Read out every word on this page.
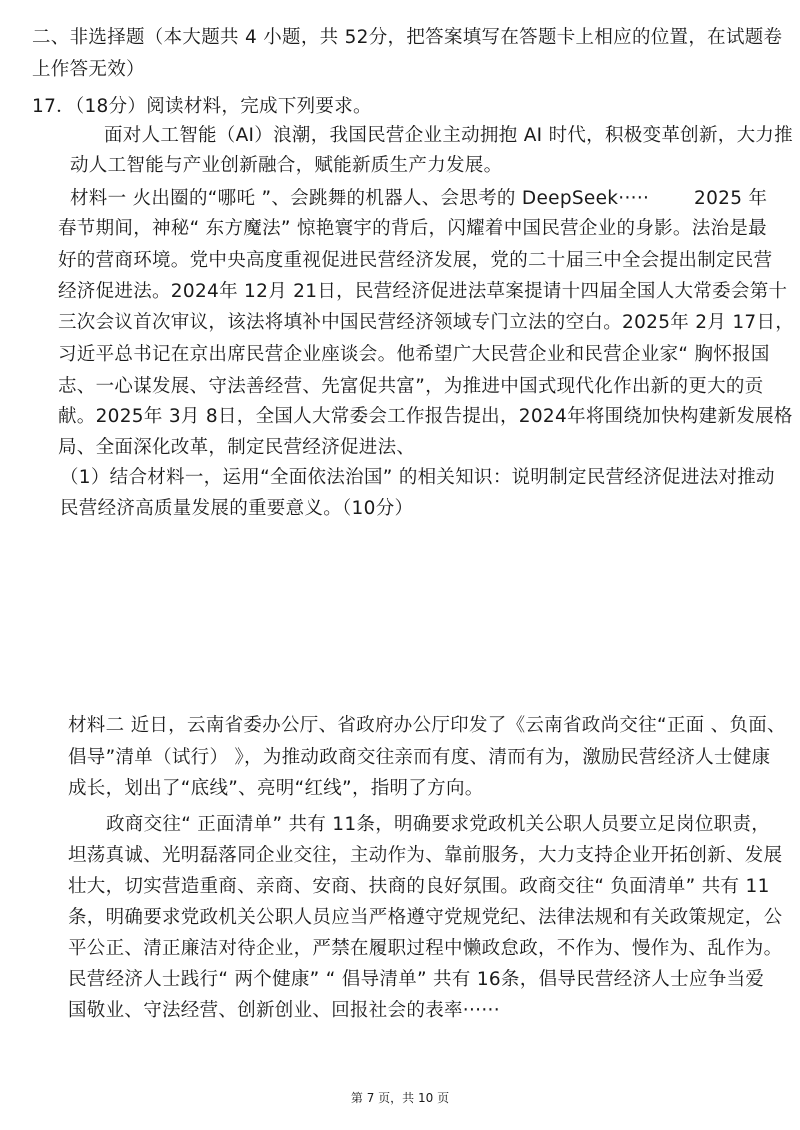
二、非选择题（本大题共 4 小题，共 52分，把答案填写在答题卡上相应的位置，在试题卷
上作答无效）
17．（18分）阅读材料，完成下列要求。
面对人工智能（AI）浪潮，我国民营企业主动拥抱 AI 时代，积极变革创新，大力推
动人工智能与产业创新融合，赋能新质生产力发展。
材料一 火出圈的“哪吒 ”、会跳舞的机器人、会思考的 DeepSeek····· 2025 年
春节期间，神秘“ 东方魔法” 惊艳寰宇的背后，闪耀着中国民营企业的身影。法治是最
好的营商环境。党中央高度重视促进民营经济发展，党的二十届三中全会提出制定民营
经济促进法。2024年 12月 21日，民营经济促进法草案提请十四届全国人大常委会第十
三次会议首次审议，该法将填补中国民营经济领域专门立法的空白。2025年 2月 17日，
习近平总书记在京出席民营企业座谈会。他希望广大民营企业和民营企业家“ 胸怀报国
志、一心谋发展、守法善经营、先富促共富”，为推进中国式现代化作出新的更大的贡
献。2025年 3月 8日，全国人大常委会工作报告提出，2024年将围绕加快构建新发展格
局、全面深化改革，制定民营经济促进法、
（1）结合材料一，运用“全面依法治国” 的相关知识：说明制定民营经济促进法对推动
民营经济高质量发展的重要意义。（10分）
材料二 近日，云南省委办公厅、省政府办公厅印发了《云南省政尚交往“正面 、负面、
倡导”清单（试行） 》，为推动政商交往亲而有度、清而有为，激励民营经济人士健康
成长，划出了“底线”、亮明“红线”，指明了方向。
政商交往“ 正面清单” 共有 11条，明确要求党政机关公职人员要立足岗位职责，
坦荡真诚、光明磊落同企业交往，主动作为、靠前服务，大力支持企业开拓创新、发展
壮大，切实营造重商、亲商、安商、扶商的良好氛围。政商交往“ 负面清单” 共有 11
条，明确要求党政机关公职人员应当严格遵守党规党纪、法律法规和有关政策规定，公
平公正、清正廉洁对待企业，严禁在履职过程中懒政怠政，不作为、慢作为、乱作为。
民营经济人士践行“ 两个健康” “ 倡导清单” 共有 16条，倡导民营经济人士应争当爱
国敬业、守法经营、创新创业、回报社会的表率······
第 7 页，共 10 页
